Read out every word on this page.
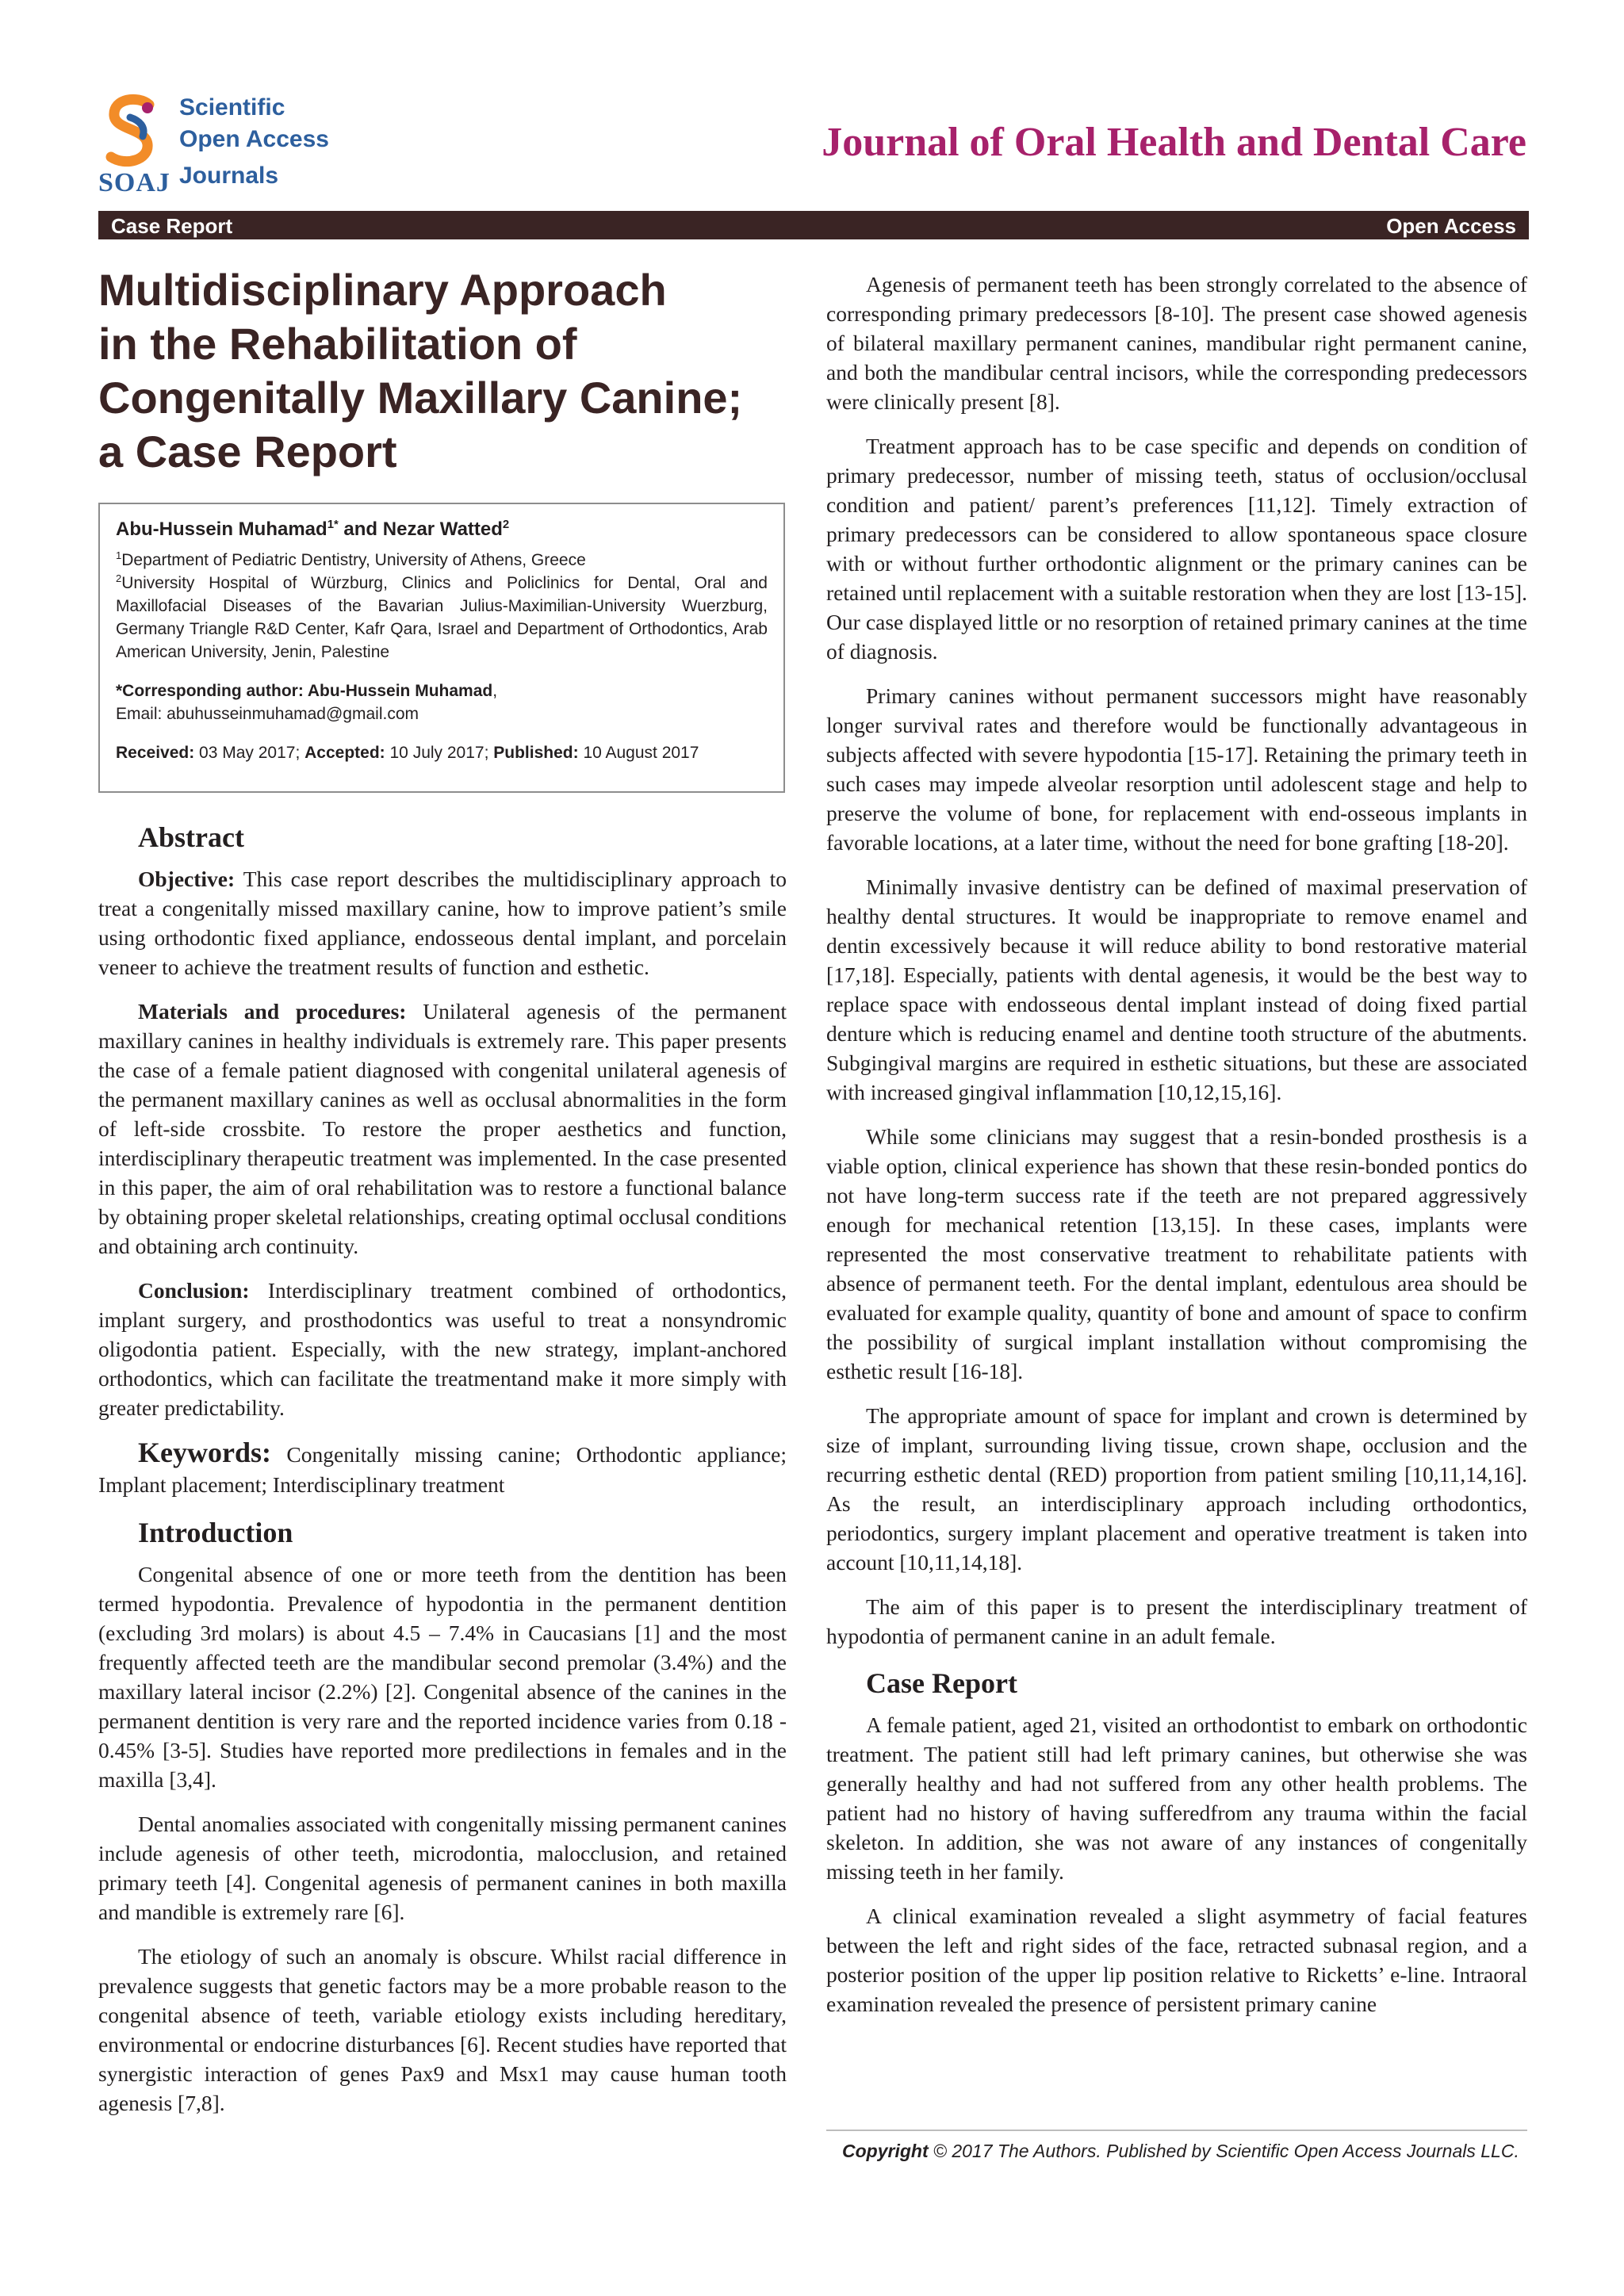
Scientific
Open Access
Journals
SOAJ
Journal of Oral Health and Dental Care
Case Report	Open Access
Multidisciplinary Approach
in the Rehabilitation of
Congenitally Maxillary Canine;
a Case Report
Abu-Hussein Muhamad$^{1*}$ and Nezar Watted$^2$
$^1$Department of Pediatric Dentistry, University of Athens, Greece
$^2$University Hospital of Würzburg, Clinics and Policlinics for Dental, Oral and Maxillofacial Diseases of the Bavarian Julius-Maximilian-University Wuerzburg, Germany Triangle R&D Center, Kafr Qara, Israel and Department of Orthodontics, Arab American University, Jenin, Palestine
*Corresponding author: Abu-Hussein Muhamad,
Email: abuhusseinmuhamad@gmail.com
Received: 03 May 2017; Accepted: 10 July 2017; Published: 10 August 2017
Abstract

Objective: This case report describes the multidisciplinary approach to treat a congenitally missed maxillary canine, how to improve patient’s smile using orthodontic fixed appliance, endosseous dental implant, and porcelain veneer to achieve the treatment results of function and esthetic.

Materials and procedures: Unilateral agenesis of the permanent maxillary canines in healthy individuals is extremely rare. This paper presents the case of a female patient diagnosed with congenital unilateral agenesis of the permanent maxillary canines as well as occlusal abnormalities in the form of left-side crossbite. To restore the proper aesthetics and function, interdisciplinary therapeutic treatment was implemented. In the case presented in this paper, the aim of oral rehabilitation was to restore a functional balance by obtaining proper skeletal relationships, creating optimal occlusal conditions and obtaining arch continuity.

Conclusion: Interdisciplinary treatment combined of orthodontics, implant surgery, and prosthodontics was useful to treat a nonsyndromic oligodontia patient. Especially, with the new strategy, implant-anchored orthodontics, which can facilitate the treatmentand make it more simply with greater predictability.

Keywords: Congenitally missing canine; Orthodontic appliance; Implant placement; Interdisciplinary treatment

Introduction

Congenital absence of one or more teeth from the dentition has been termed hypodontia. Prevalence of hypodontia in the permanent dentition (excluding 3rd molars) is about 4.5 – 7.4% in Caucasians [1] and the most frequently affected teeth are the mandibular second premolar (3.4%) and the maxillary lateral incisor (2.2%) [2]. Congenital absence of the canines in the permanent dentition is very rare and the reported incidence varies from 0.18 - 0.45% [3-5]. Studies have reported more predilections in females and in the maxilla [3,4].

Dental anomalies associated with congenitally missing permanent canines include agenesis of other teeth, microdontia, malocclusion, and retained primary teeth [4]. Congenital agenesis of permanent canines in both maxilla and mandible is extremely rare [6].

The etiology of such an anomaly is obscure. Whilst racial difference in prevalence suggests that genetic factors may be a more probable reason to the congenital absence of teeth, variable etiology exists including hereditary, environmental or endocrine disturbances [6]. Recent studies have reported that synergistic interaction of genes Pax9 and Msx1 may cause human tooth agenesis [7,8].

Agenesis of permanent teeth has been strongly correlated to the absence of corresponding primary predecessors [8-10]. The present case showed agenesis of bilateral maxillary permanent canines, mandibular right permanent canine, and both the mandibular central incisors, while the corresponding predecessors were clinically present [8].

Treatment approach has to be case specific and depends on condition of primary predecessor, number of missing teeth, status of occlusion/occlusal condition and patient/ parent’s preferences [11,12]. Timely extraction of primary predecessors can be considered to allow spontaneous space closure with or without further orthodontic alignment or the primary canines can be retained until replacement with a suitable restoration when they are lost [13-15]. Our case displayed little or no resorption of retained primary canines at the time of diagnosis.

Primary canines without permanent successors might have reasonably longer survival rates and therefore would be functionally advantageous in subjects affected with severe hypodontia [15-17]. Retaining the primary teeth in such cases may impede alveolar resorption until adolescent stage and help to preserve the volume of bone, for replacement with end-osseous implants in favorable locations, at a later time, without the need for bone grafting [18-20].

Minimally invasive dentistry can be defined of maximal preservation of healthy dental structures. It would be inappropriate to remove enamel and dentin excessively because it will reduce ability to bond restorative material [17,18]. Especially, patients with dental agenesis, it would be the best way to replace space with endosseous dental implant instead of doing fixed partial denture which is reducing enamel and dentine tooth structure of the abutments. Subgingival margins are required in esthetic situations, but these are associated with increased gingival inflammation [10,12,15,16].

While some clinicians may suggest that a resin-bonded prosthesis is a viable option, clinical experience has shown that these resin-bonded pontics do not have long-term success rate if the teeth are not prepared aggressively enough for mechanical retention [13,15]. In these cases, implants were represented the most conservative treatment to rehabilitate patients with absence of permanent teeth. For the dental implant, edentulous area should be evaluated for example quality, quantity of bone and amount of space to confirm the possibility of surgical implant installation without compromising the esthetic result [16-18].

The appropriate amount of space for implant and crown is determined by size of implant, surrounding living tissue, crown shape, occlusion and the recurring esthetic dental (RED) proportion from patient smiling [10,11,14,16]. As the result, an interdisciplinary approach including orthodontics, periodontics, surgery implant placement and operative treatment is taken into account [10,11,14,18].

The aim of this paper is to present the interdisciplinary treatment of hypodontia of permanent canine in an adult female.

Case Report

A female patient, aged 21, visited an orthodontist to embark on orthodontic treatment. The patient still had left primary canines, but otherwise she was generally healthy and had not suffered from any other health problems. The patient had no history of having sufferedfrom any trauma within the facial skeleton. In addition, she was not aware of any instances of congenitally missing teeth in her family.

A clinical examination revealed a slight asymmetry of facial features between the left and right sides of the face, retracted subnasal region, and a posterior position of the upper lip position relative to Ricketts’ e-line. Intraoral examination revealed the presence of persistent primary canine

Copyright © 2017 The Authors. Published by Scientific Open Access Journals LLC.
